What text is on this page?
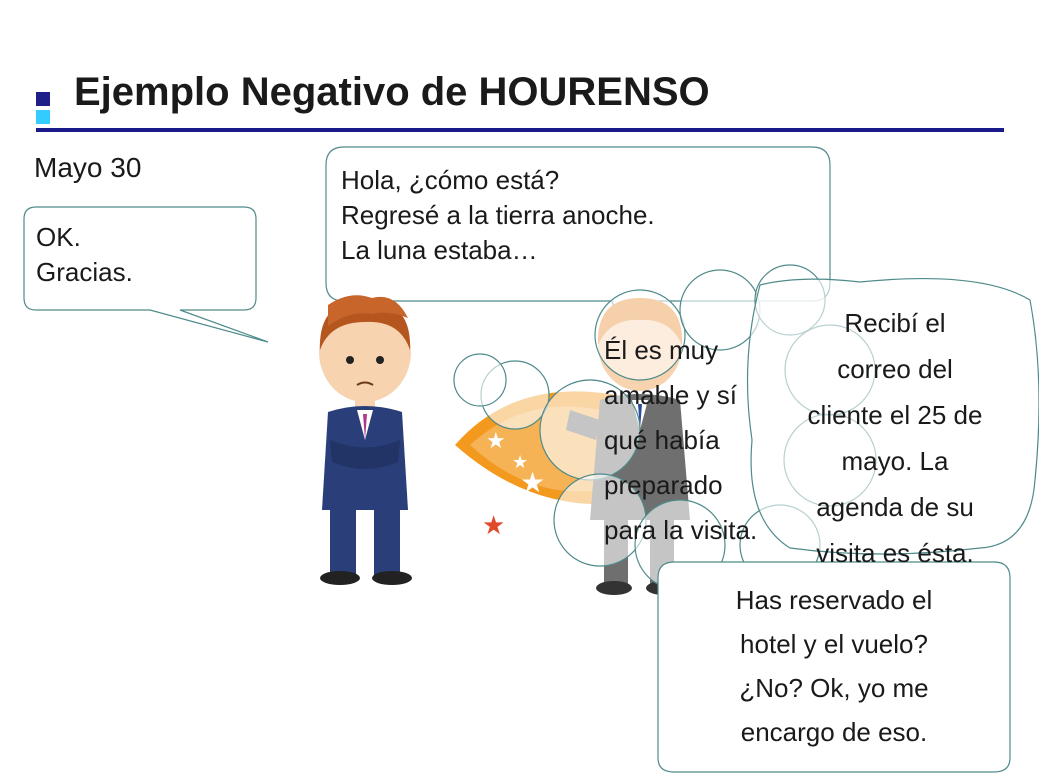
Ejemplo Negativo de HOURENSO
Mayo 30
★
★
★
★
OK.
Gracias.
Hola, ¿cómo está?
Regresé a la tierra anoche.
La luna estaba…
Él es muy
amable y sí
qué había
preparado
para la visita.
Recibí el
correo del
cliente el 25 de
mayo. La
agenda de su
visita es ésta.
Has reservado el
hotel y el vuelo?
¿No? Ok, yo me
encargo de eso.
